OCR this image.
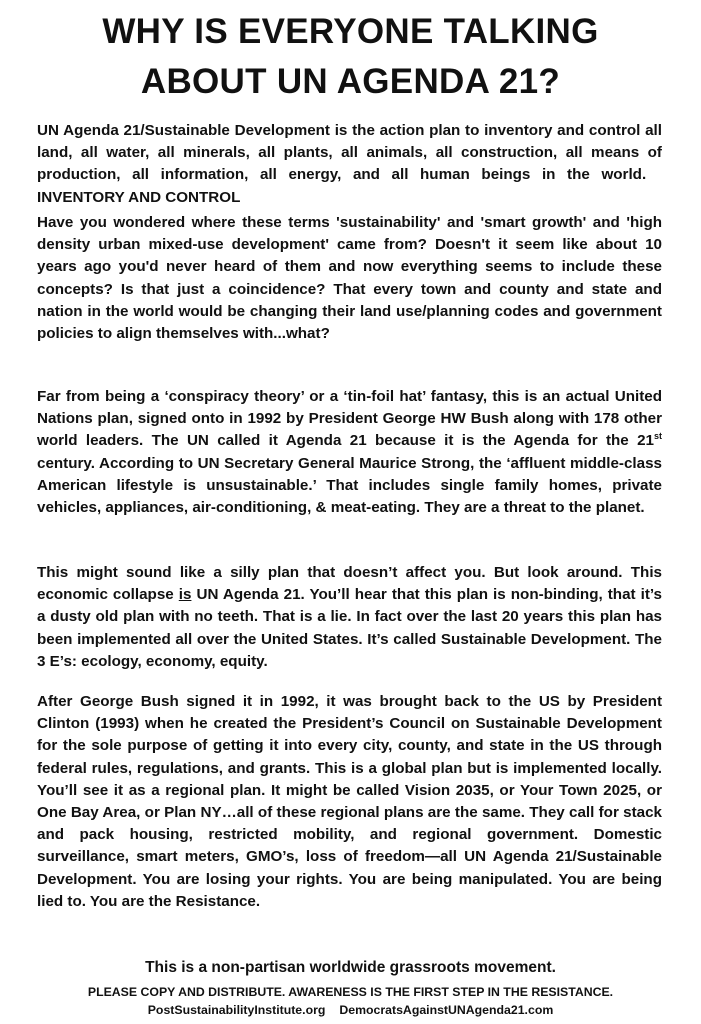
WHY IS EVERYONE TALKING
ABOUT UN AGENDA 21?

UN Agenda 21/Sustainable Development is the action plan to inventory and control all land, all water, all minerals, all plants, all animals, all construction, all means of production, all information, all energy, and all human beings in the world.   INVENTORY AND CONTROL

Have you wondered where these terms 'sustainability' and 'smart growth' and 'high density urban mixed-use development' came from? Doesn't it seem like about 10 years ago you'd never heard of them and now everything seems to include these concepts? Is that just a coincidence? That every town and county and state and nation in the world would be changing their land use/planning codes and government policies to align themselves with...what?

Far from being a ‘conspiracy theory’ or a ‘tin-foil hat’ fantasy, this is an actual United Nations plan, signed onto in 1992 by President George HW Bush along with 178 other world leaders. The UN called it Agenda 21 because it is the Agenda for the 21st century. According to UN Secretary General Maurice Strong, the ‘affluent middle-class American lifestyle is unsustainable.’ That includes single family homes, private vehicles, appliances, air-conditioning, & meat-eating. They are a threat to the planet.

This might sound like a silly plan that doesn’t affect you. But look around. This economic collapse is UN Agenda 21. You’ll hear that this plan is non-binding, that it’s a dusty old plan with no teeth. That is a lie. In fact over the last 20 years this plan has been implemented all over the United States. It’s called Sustainable Development. The 3 E’s: ecology, economy, equity.

After George Bush signed it in 1992, it was brought back to the US by President Clinton (1993) when he created the President’s Council on Sustainable Development for the sole purpose of getting it into every city, county, and state in the US through federal rules, regulations, and grants. This is a global plan but is implemented locally. You’ll see it as a regional plan. It might be called Vision 2035, or Your Town 2025, or One Bay Area, or Plan NY…all of these regional plans are the same. They call for stack and pack housing, restricted mobility, and regional government. Domestic surveillance, smart meters, GMO’s, loss of freedom—all UN Agenda 21/Sustainable Development. You are losing your rights. You are being manipulated. You are being lied to. You are the Resistance.

This is a non-partisan worldwide grassroots movement.

PLEASE COPY AND DISTRIBUTE. AWARENESS IS THE FIRST STEP IN THE RESISTANCE.

PostSustainabilityInstitute.org DemocratsAgainstUNAgenda21.com
